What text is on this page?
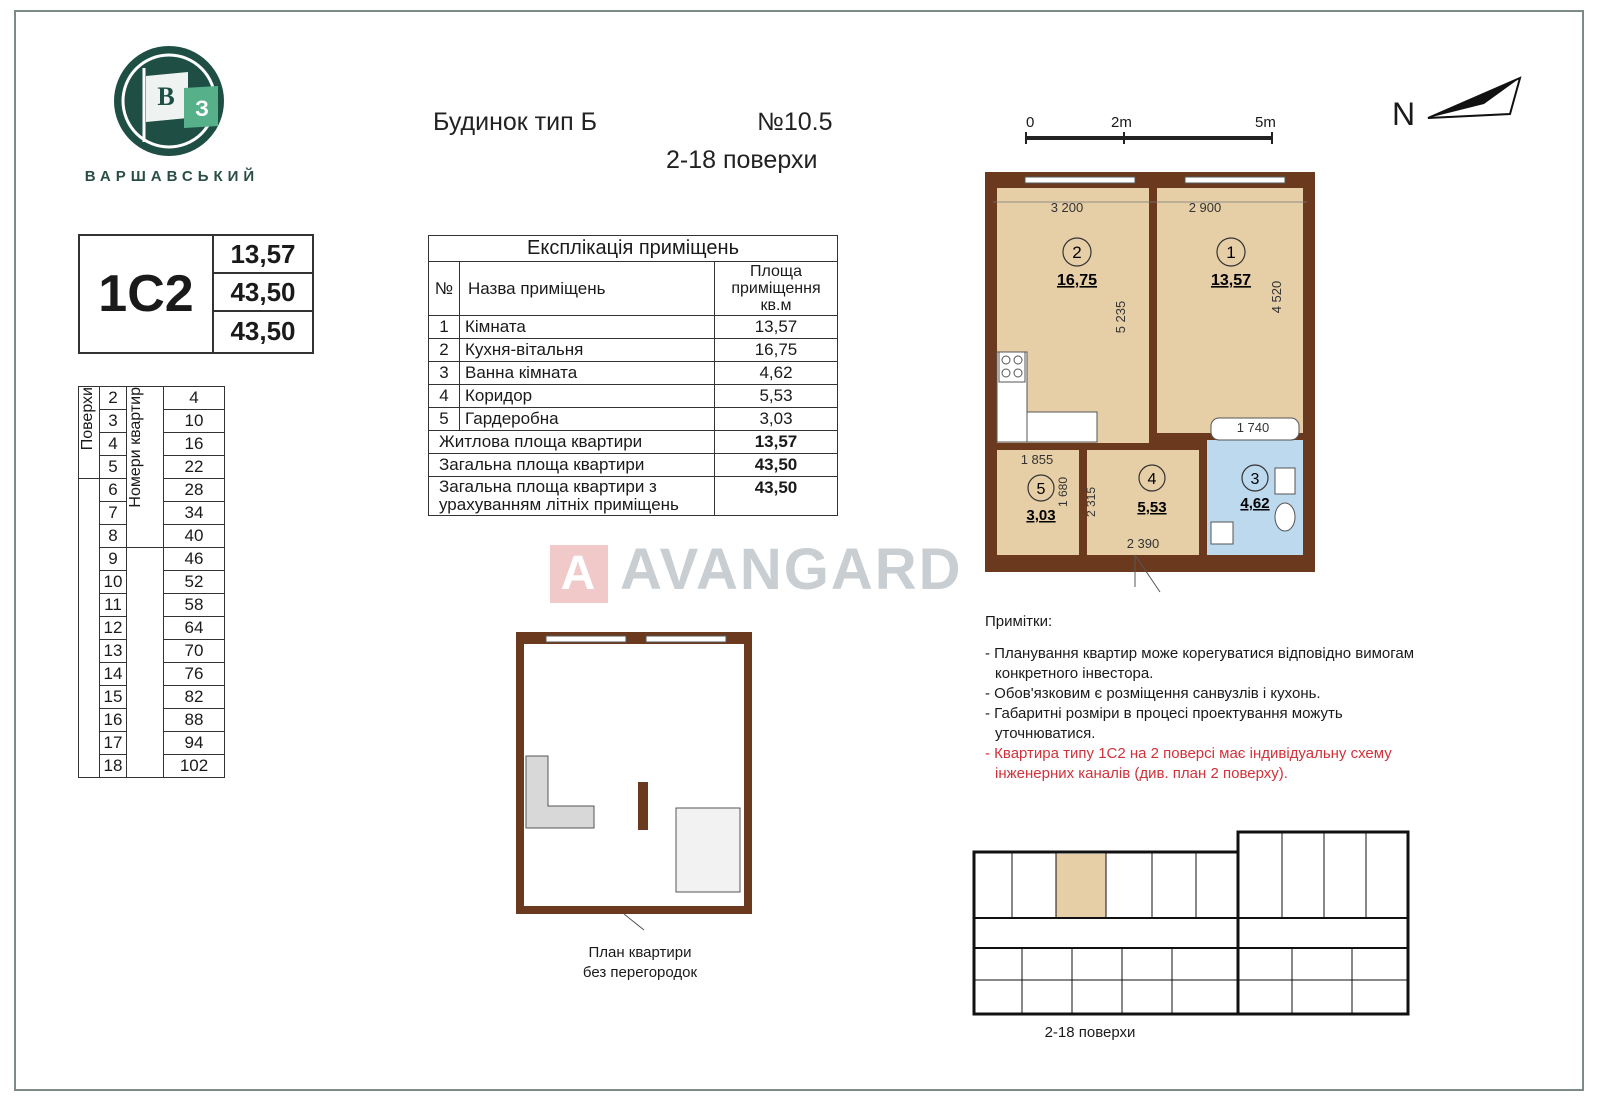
В З
ВАРШАВСЬКИЙ
Будинок тип Б	№10.5
2-18 поверхи
1С2
13,57
43,50
43,50
Поверхи	2	Номери квартир	4
	3		10
	4		16
	5		22
	6		28
	7		34
	8		40
	9		46
	10		52
	11		58
	12		64
	13		70
	14		76
	15		82
	16		88
	17		94
	18		102
Експлікація приміщень		
№	Назва приміщень	Площа приміщення кв.м
1	Кімната	13,57
2	Кухня-вітальня	16,75
3	Ванна кімната	4,62
4	Коридор	5,53
5	Гардеробна	3,03
Житлова площа квартири		13,57
Загальна площа квартири		43,50
Загальна площа квартири з урахуванням літніх приміщень		43,50
0	2m	5m	N
3 200	2 900
5 235
4 520
1 740
1 855
1 680 2 315
2 390
2
16,75
1
13,57
3
4,62
4
5,53
5
3,03
A AVANGARD
План квартири
без перегородок
Примітки:
- Планування квартир може корегуватися відповідно вимогам конкретного інвестора.
- Обов'язковим є розміщення санвузлів і кухонь.
- Габаритні розміри в процесі проектування можуть уточнюватися.
- Квартира типу 1С2 на 2 поверсі має індивідуальну схему інженерних каналів (див. план 2 поверху).
2-18 поверхи
